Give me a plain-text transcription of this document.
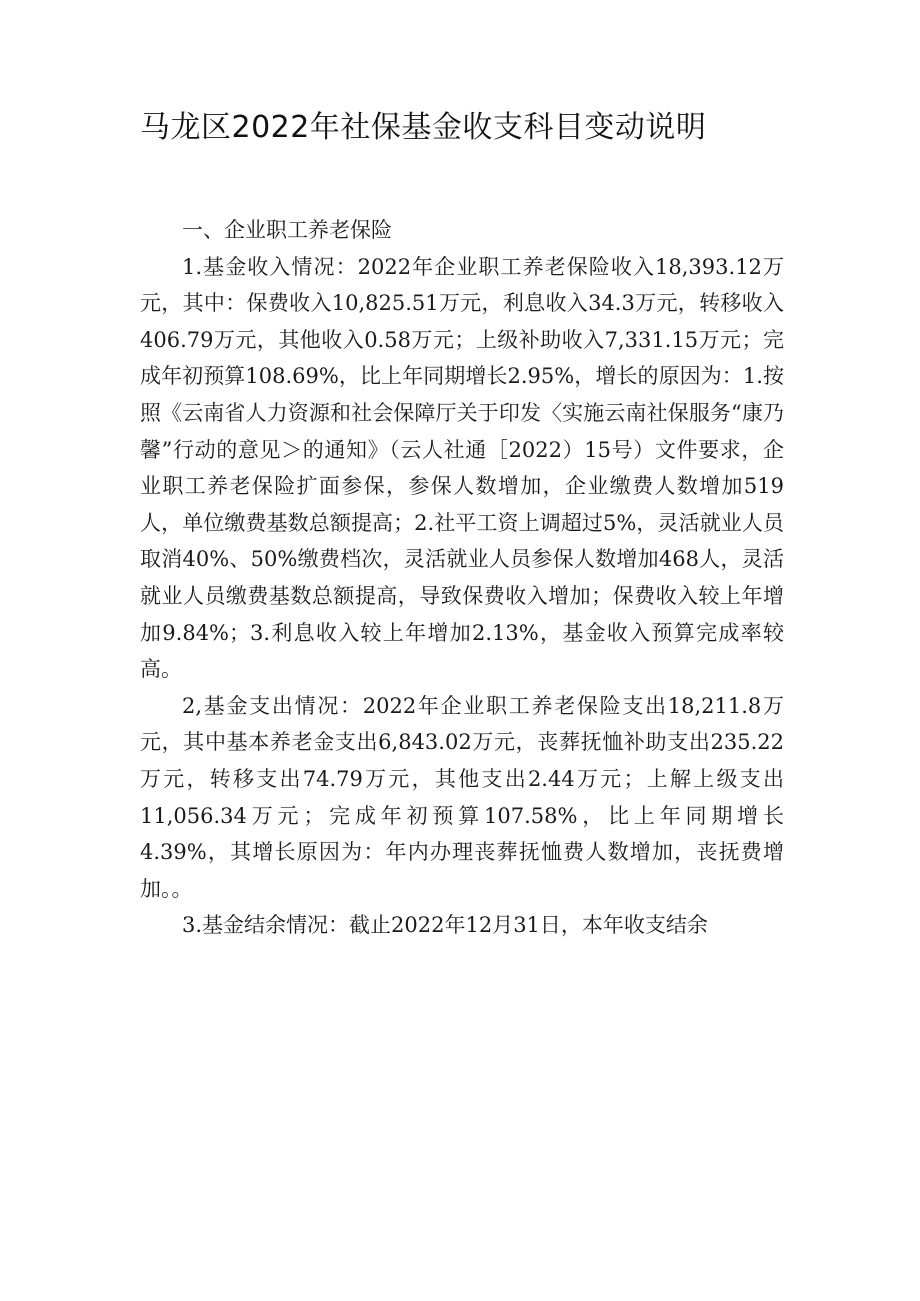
马龙区2022年社保基金收支科目变动说明

一、企业职工养老保险

1.基金收入情况：2022年企业职工养老保险收入18,393.12万元，其中：保费收入10,825.51万元，利息收入34.3万元，转移收入406.79万元，其他收入0.58万元；上级补助收入7,331.15万元；完成年初预算108.69%，比上年同期增长2.95%，增长的原因为：1.按照《云南省人力资源和社会保障厅关于印发〈实施云南社保服务“康乃馨”行动的意见＞的通知》（云人社通［2022）15号）文件要求，企业职工养老保险扩面参保，参保人数增加，企业缴费人数增加519人，单位缴费基数总额提高；2.社平工资上调超过5%，灵活就业人员取消40%、50%缴费档次，灵活就业人员参保人数增加468人，灵活就业人员缴费基数总额提高，导致保费收入增加；保费收入较上年增加9.84%；3.利息收入较上年增加2.13%，基金收入预算完成率较高。

2,基金支出情况：2022年企业职工养老保险支出18,211.8万元，其中基本养老金支出6,843.02万元，丧葬抚恤补助支出235.22万元，转移支出74.79万元，其他支出2.44万元；上解上级支出11,056.34万元；完成年初预算107.58%，比上年同期增长4.39%，其增长原因为：年内办理丧葬抚恤费人数增加，丧抚费增加。。

3.基金结余情况：截止2022年12月31日，本年收支结余
